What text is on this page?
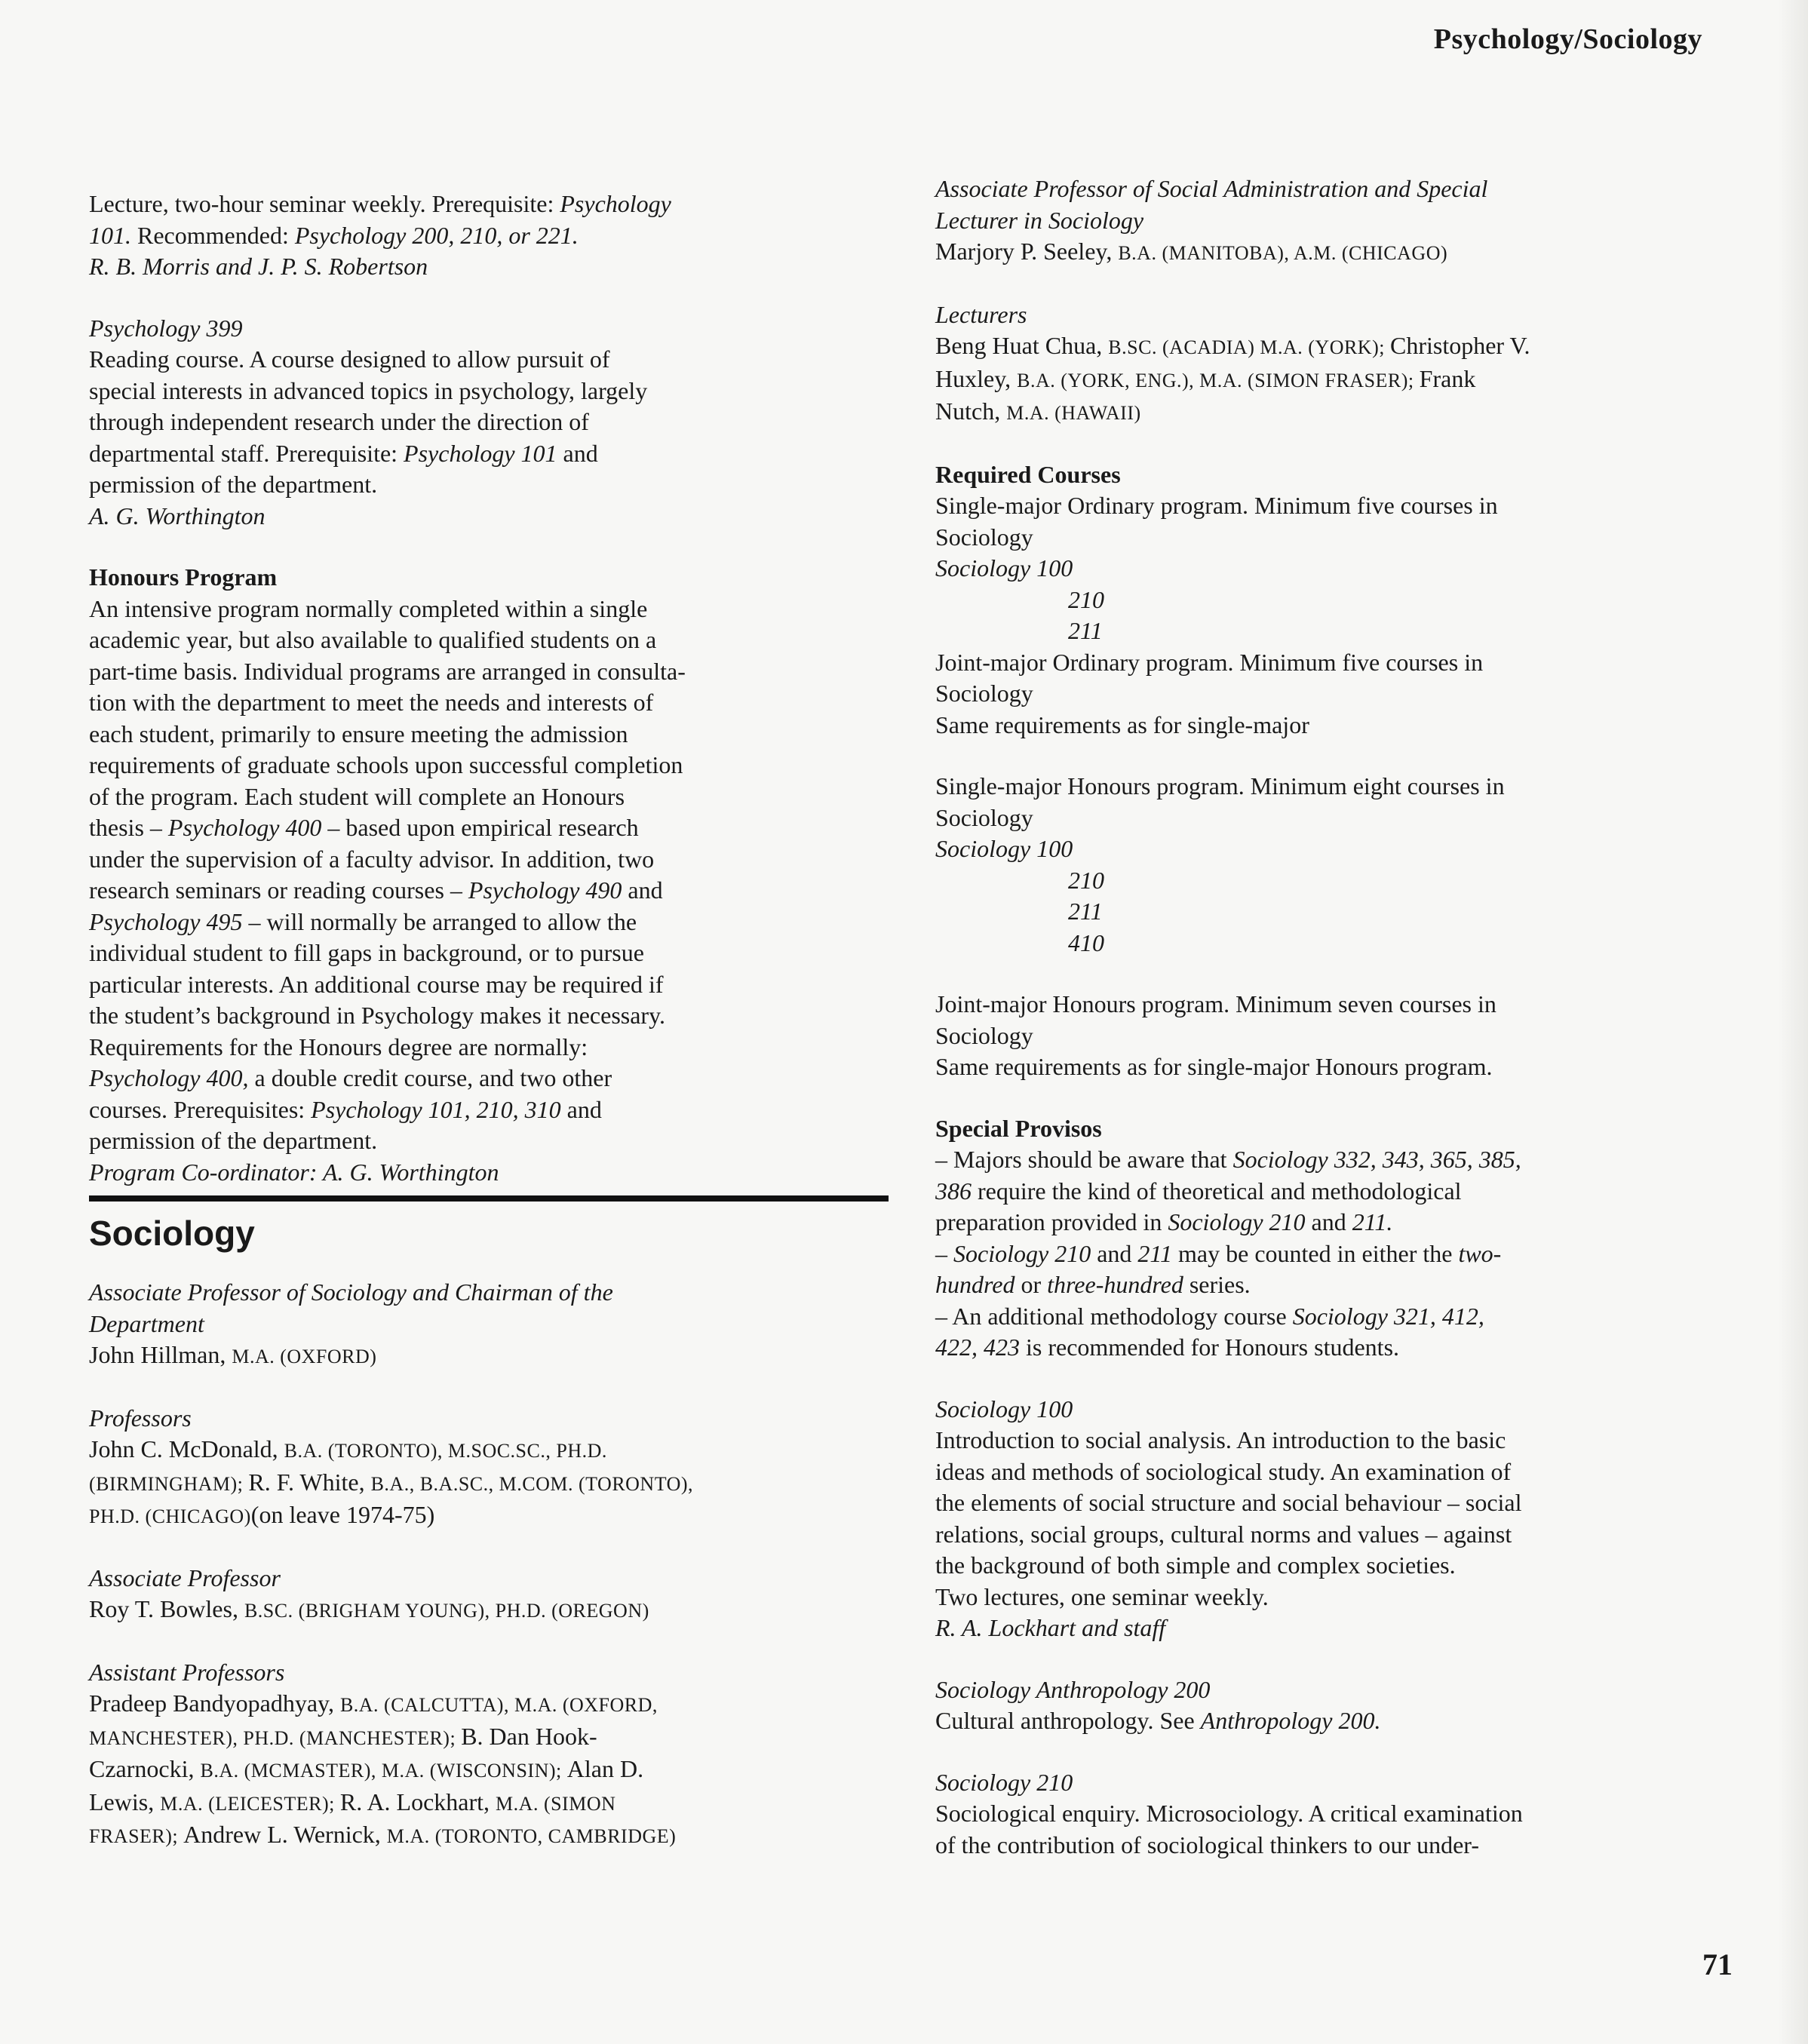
Psychology/Sociology

Lecture, two-hour seminar weekly. Prerequisite: Psychology

101. Recommended: Psychology 200, 210, or 221.

R. B. Morris and J. P. S. Robertson

Psychology 399

Reading course. A course designed to allow pursuit of

special interests in advanced topics in psychology, largely

through independent research under the direction of

departmental staff. Prerequisite: Psychology 101 and

permission of the department.

A. G. Worthington

Honours Program

An intensive program normally completed within a single

academic year, but also available to qualified students on a

part-time basis. Individual programs are arranged in consulta-

tion with the department to meet the needs and interests of

each student, primarily to ensure meeting the admission

requirements of graduate schools upon successful completion

of the program. Each student will complete an Honours

thesis – Psychology 400 – based upon empirical research

under the supervision of a faculty advisor. In addition, two

research seminars or reading courses – Psychology 490 and

Psychology 495 – will normally be arranged to allow the

individual student to fill gaps in background, or to pursue

particular interests. An additional course may be required if

the student’s background in Psychology makes it necessary.

Requirements for the Honours degree are normally:

Psychology 400, a double credit course, and two other

courses. Prerequisites: Psychology 101, 210, 310 and

permission of the department.

Program Co-ordinator: A. G. Worthington

Sociology

Associate Professor of Sociology and Chairman of the

Department

John Hillman, M.A. (OXFORD)

Professors

John C. McDonald, B.A. (TORONTO), M.SOC.SC., PH.D.

(BIRMINGHAM); R. F. White, B.A., B.A.SC., M.COM. (TORONTO),

PH.D. (CHICAGO)(on leave 1974-75)

Associate Professor

Roy T. Bowles, B.SC. (BRIGHAM YOUNG), PH.D. (OREGON)

Assistant Professors

Pradeep Bandyopadhyay, B.A. (CALCUTTA), M.A. (OXFORD,

MANCHESTER), PH.D. (MANCHESTER); B. Dan Hook-

Czarnocki, B.A. (MCMASTER), M.A. (WISCONSIN); Alan D.

Lewis, M.A. (LEICESTER); R. A. Lockhart, M.A. (SIMON

FRASER); Andrew L. Wernick, M.A. (TORONTO, CAMBRIDGE)

Associate Professor of Social Administration and Special

Lecturer in Sociology

Marjory P. Seeley, B.A. (MANITOBA), A.M. (CHICAGO)

Lecturers

Beng Huat Chua, B.SC. (ACADIA) M.A. (YORK); Christopher V.

Huxley, B.A. (YORK, ENG.), M.A. (SIMON FRASER); Frank

Nutch, M.A. (HAWAII)

Required Courses

Single-major Ordinary program. Minimum five courses in

Sociology

Sociology 100

210

211

Joint-major Ordinary program. Minimum five courses in

Sociology

Same requirements as for single-major

Single-major Honours program. Minimum eight courses in

Sociology

Sociology 100

210

211

410

Joint-major Honours program. Minimum seven courses in

Sociology

Same requirements as for single-major Honours program.

Special Provisos

– Majors should be aware that Sociology 332, 343, 365, 385,

386 require the kind of theoretical and methodological

preparation provided in Sociology 210 and 211.

– Sociology 210 and 211 may be counted in either the two-

hundred or three-hundred series.

– An additional methodology course Sociology 321, 412,

422, 423 is recommended for Honours students.

Sociology 100

Introduction to social analysis. An introduction to the basic

ideas and methods of sociological study. An examination of

the elements of social structure and social behaviour – social

relations, social groups, cultural norms and values – against

the background of both simple and complex societies.

Two lectures, one seminar weekly.

R. A. Lockhart and staff

Sociology Anthropology 200

Cultural anthropology. See Anthropology 200.

Sociology 210

Sociological enquiry. Microsociology. A critical examination

of the contribution of sociological thinkers to our under-

71
